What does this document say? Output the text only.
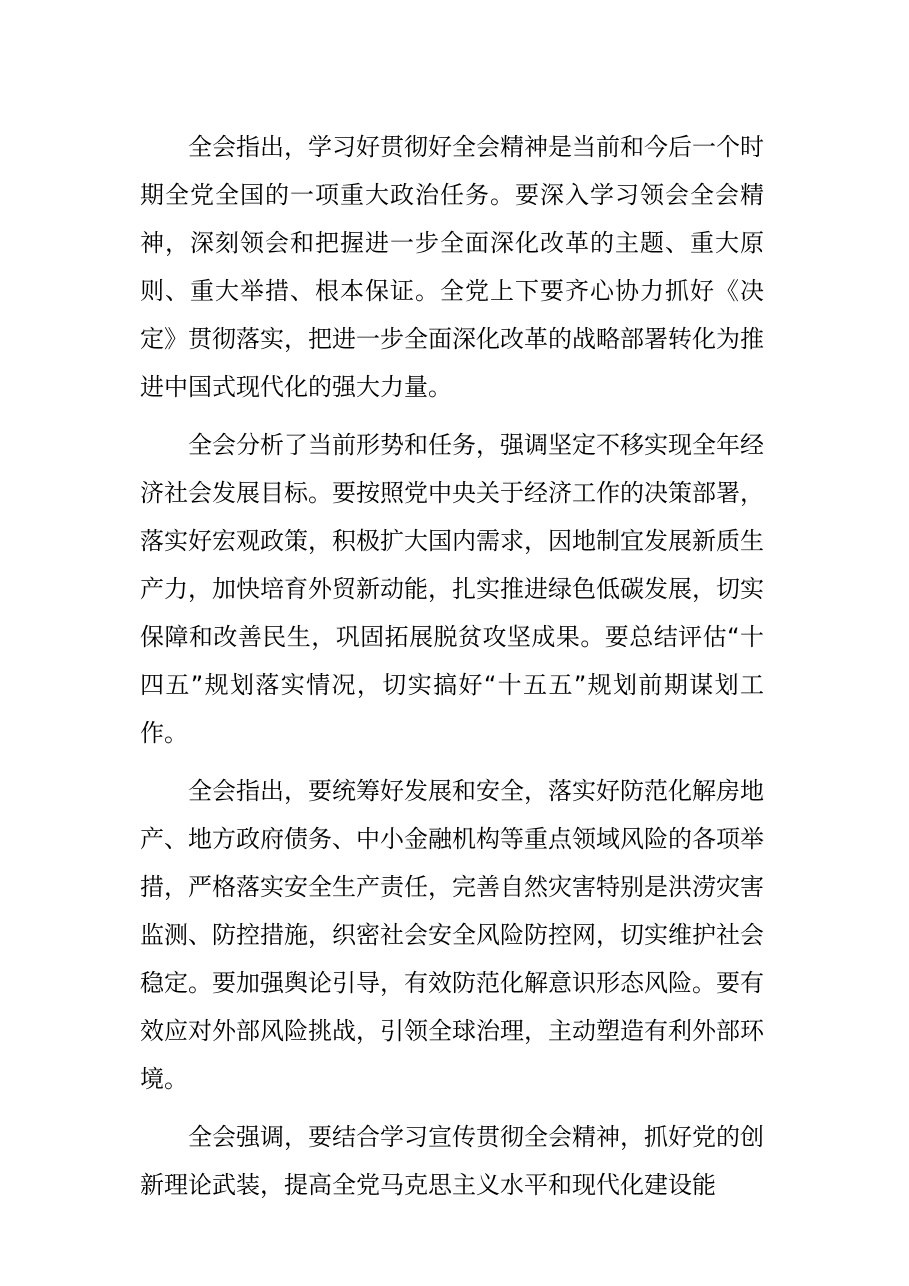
全会指出，学习好贯彻好全会精神是当前和今后一个时期全党全国的一项重大政治任务。要深入学习领会全会精神，深刻领会和把握进一步全面深化改革的主题、重大原则、重大举措、根本保证。全党上下要齐心协力抓好《决定》贯彻落实，把进一步全面深化改革的战略部署转化为推进中国式现代化的强大力量。

全会分析了当前形势和任务，强调坚定不移实现全年经济社会发展目标。要按照党中央关于经济工作的决策部署，落实好宏观政策，积极扩大国内需求，因地制宜发展新质生产力，加快培育外贸新动能，扎实推进绿色低碳发展，切实保障和改善民生，巩固拓展脱贫攻坚成果。要总结评估“十四五”规划落实情况，切实搞好“十五五”规划前期谋划工作。

全会指出，要统筹好发展和安全，落实好防范化解房地产、地方政府债务、中小金融机构等重点领域风险的各项举措，严格落实安全生产责任，完善自然灾害特别是洪涝灾害监测、防控措施，织密社会安全风险防控网，切实维护社会稳定。要加强舆论引导，有效防范化解意识形态风险。要有效应对外部风险挑战，引领全球治理，主动塑造有利外部环境。

全会强调，要结合学习宣传贯彻全会精神，抓好党的创新理论武装，提高全党马克思主义水平和现代化建设能
